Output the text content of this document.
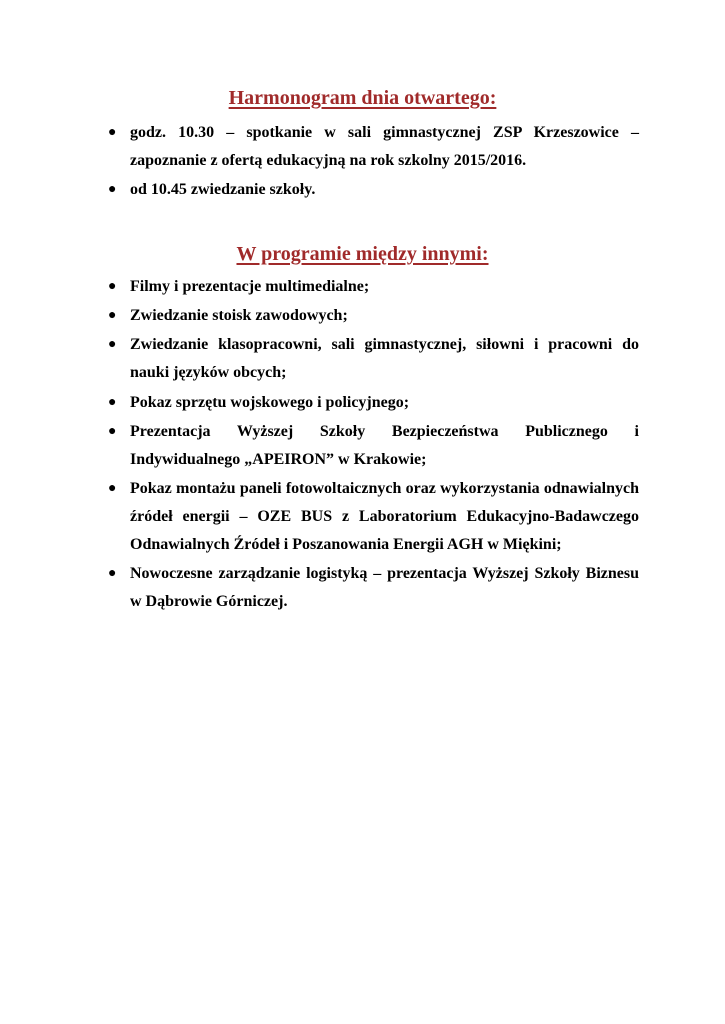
Harmonogram dnia otwartego:
● godz. 10.30 – spotkanie w sali gimnastycznej ZSP Krzeszowice – zapoznanie z ofertą edukacyjną na rok szkolny 2015/2016.
● od 10.45 zwiedzanie szkoły.
W programie między innymi:
● Filmy i prezentacje multimedialne;
● Zwiedzanie stoisk zawodowych;
● Zwiedzanie klasopracowni, sali gimnastycznej, siłowni i pracowni do nauki języków obcych;
● Pokaz sprzętu wojskowego i policyjnego;
● Prezentacja Wyższej Szkoły Bezpieczeństwa Publicznego i Indywidualnego „APEIRON” w Krakowie;
● Pokaz montażu paneli fotowoltaicznych oraz wykorzystania odnawialnych źródeł energii – OZE BUS z Laboratorium Edukacyjno-Badawczego Odnawialnych Źródeł i Poszanowania Energii AGH w Miękini;
● Nowoczesne zarządzanie logistyką – prezentacja Wyższej Szkoły Biznesu w Dąbrowie Górniczej.
